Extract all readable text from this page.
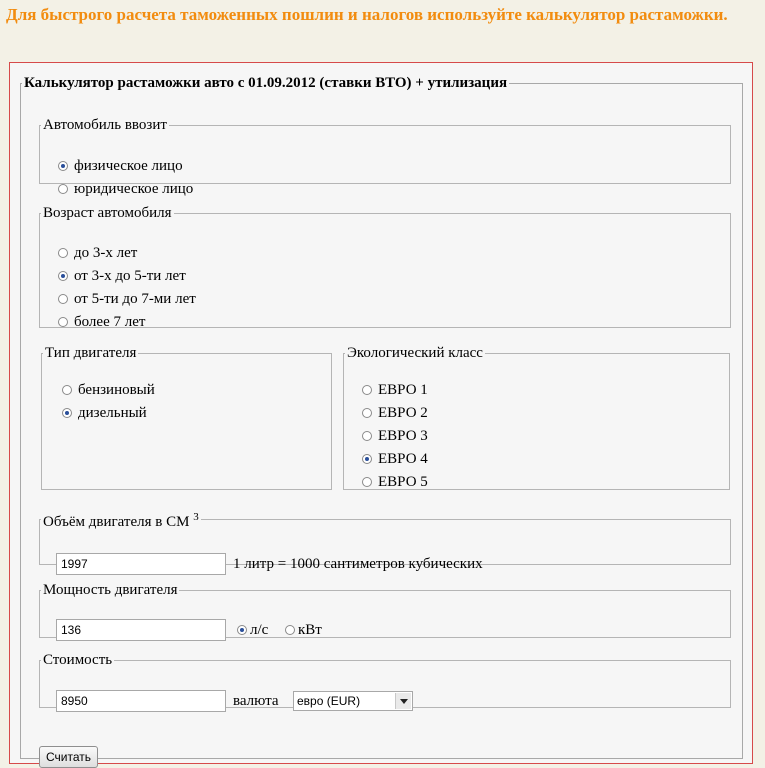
Для быстрого расчета таможенных пошлин и налогов используйте калькулятор растаможки.
Калькулятор растаможки авто с 01.09.2012 (ставки ВТО) + утилизация
Автомобиль ввозит
физическое лицо
юридическое лицо
Возраст автомобиля
до 3-х лет
от 3-х до 5-ти лет
от 5-ти до 7-ми лет
более 7 лет
Тип двигателя
бензиновый
дизельный
Экологический класс
ЕВРО 1
ЕВРО 2
ЕВРО 3
ЕВРО 4
ЕВРО 5
Объём двигателя в СМ $^3$
1997	1 литр = 1000 сантиметров кубических
Мощность двигателя
136	л/с	кВт
Стоимость
8950	валюта	евро (EUR)
Считать
